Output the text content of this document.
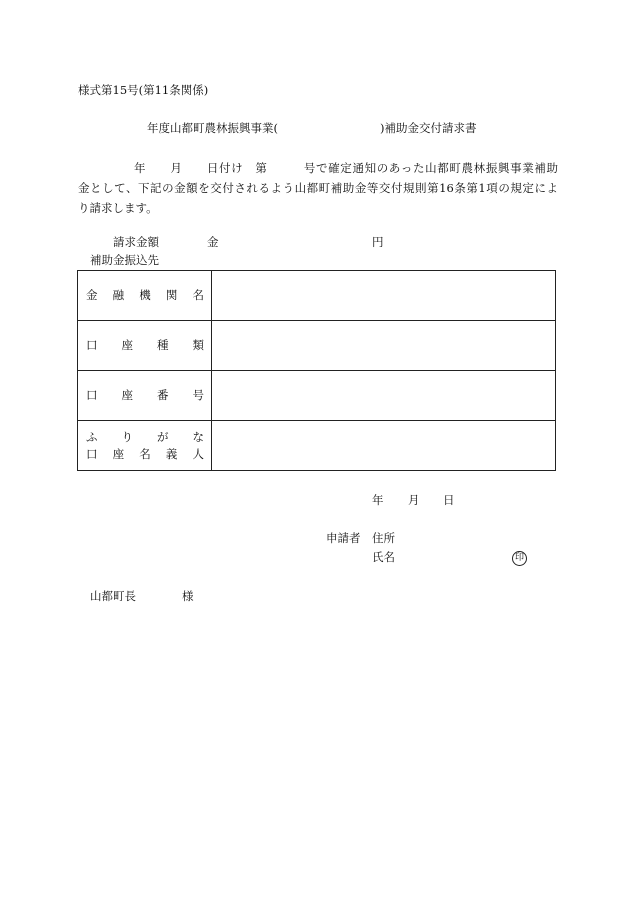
様式第15号(第11条関係)
年度山都町農林振興事業(	)補助金交付請求書
年　　月　　日付け　第　　　号で確定通知のあった山都町農林振興事業補助
金として、下記の金額を交付されるよう山都町補助金等交付規則第16条第1項の規定によ
り請求します。
請求金額	金	円
補助金振込先
金融機関名	

口座種類	

口座番号	

ふりがな
口座名義人	

年 月 日
申請者 住所
氏名	印
山都町長	様
